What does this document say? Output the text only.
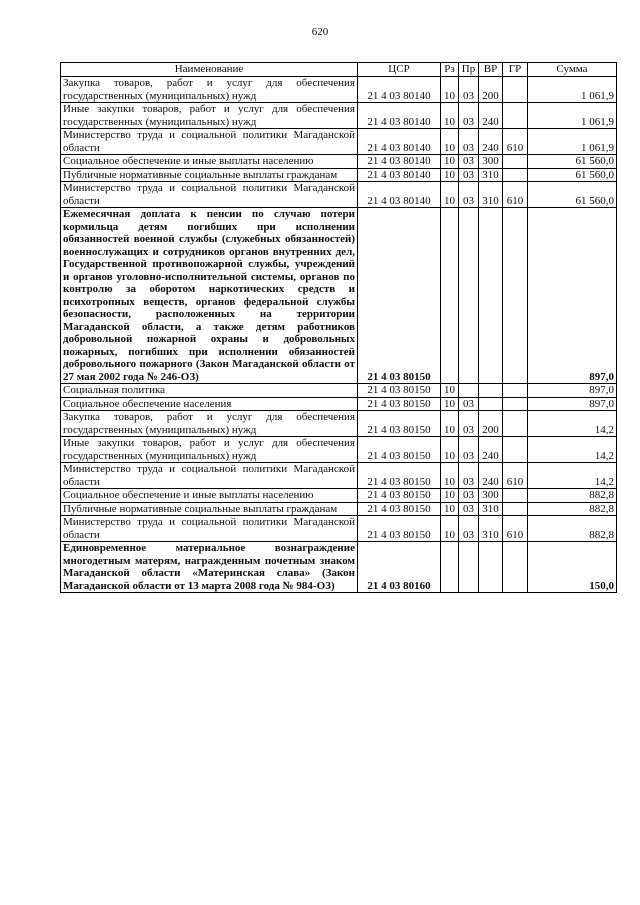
620
Наименование	ЦСР	Рз	Пр	ВР	ГР	Сумма
Закупка товаров, работ и услуг для обеспечения государственных (муниципальных) нужд	21 4 03 80140	10	03	200		1 061,9
Иные закупки товаров, работ и услуг для обеспечения государственных (муниципальных) нужд	21 4 03 80140	10	03	240		1 061,9
Министерство труда и социальной политики Магаданской области	21 4 03 80140	10	03	240	610	1 061,9
Социальное обеспечение и иные выплаты населению	21 4 03 80140	10	03	300		61 560,0
Публичные нормативные социальные выплаты гражданам	21 4 03 80140	10	03	310		61 560,0
Министерство труда и социальной политики Магаданской области	21 4 03 80140	10	03	310	610	61 560,0
Ежемесячная доплата к пенсии по случаю потери кормильца детям погибших при исполнении обязанностей военной службы (служебных обязанностей) военнослужащих и сотрудников органов внутренних дел, Государственной противопожарной службы, учреждений и органов уголовно-исполнительной системы, органов по контролю за оборотом наркотических средств и психотропных веществ, органов федеральной службы безопасности, расположенных на территории Магаданской области, а также детям работников добровольной пожарной охраны и добровольных пожарных, погибших при исполнении обязанностей добровольного пожарного (Закон Магаданской области от 27 мая 2002 года № 246-ОЗ)	21 4 03 80150					897,0
Социальная политика	21 4 03 80150	10				897,0
Социальное обеспечение населения	21 4 03 80150	10	03			897,0
Закупка товаров, работ и услуг для обеспечения государственных (муниципальных) нужд	21 4 03 80150	10	03	200		14,2
Иные закупки товаров, работ и услуг для обеспечения государственных (муниципальных) нужд	21 4 03 80150	10	03	240		14,2
Министерство труда и социальной политики Магаданской области	21 4 03 80150	10	03	240	610	14,2
Социальное обеспечение и иные выплаты населению	21 4 03 80150	10	03	300		882,8
Публичные нормативные социальные выплаты гражданам	21 4 03 80150	10	03	310		882,8
Министерство труда и социальной политики Магаданской области	21 4 03 80150	10	03	310	610	882,8
Единовременное материальное вознаграждение многодетным матерям, награжденным почетным знаком Магаданской области «Материнская слава» (Закон Магаданской области от 13 марта 2008 года № 984-ОЗ)	21 4 03 80160					150,0
